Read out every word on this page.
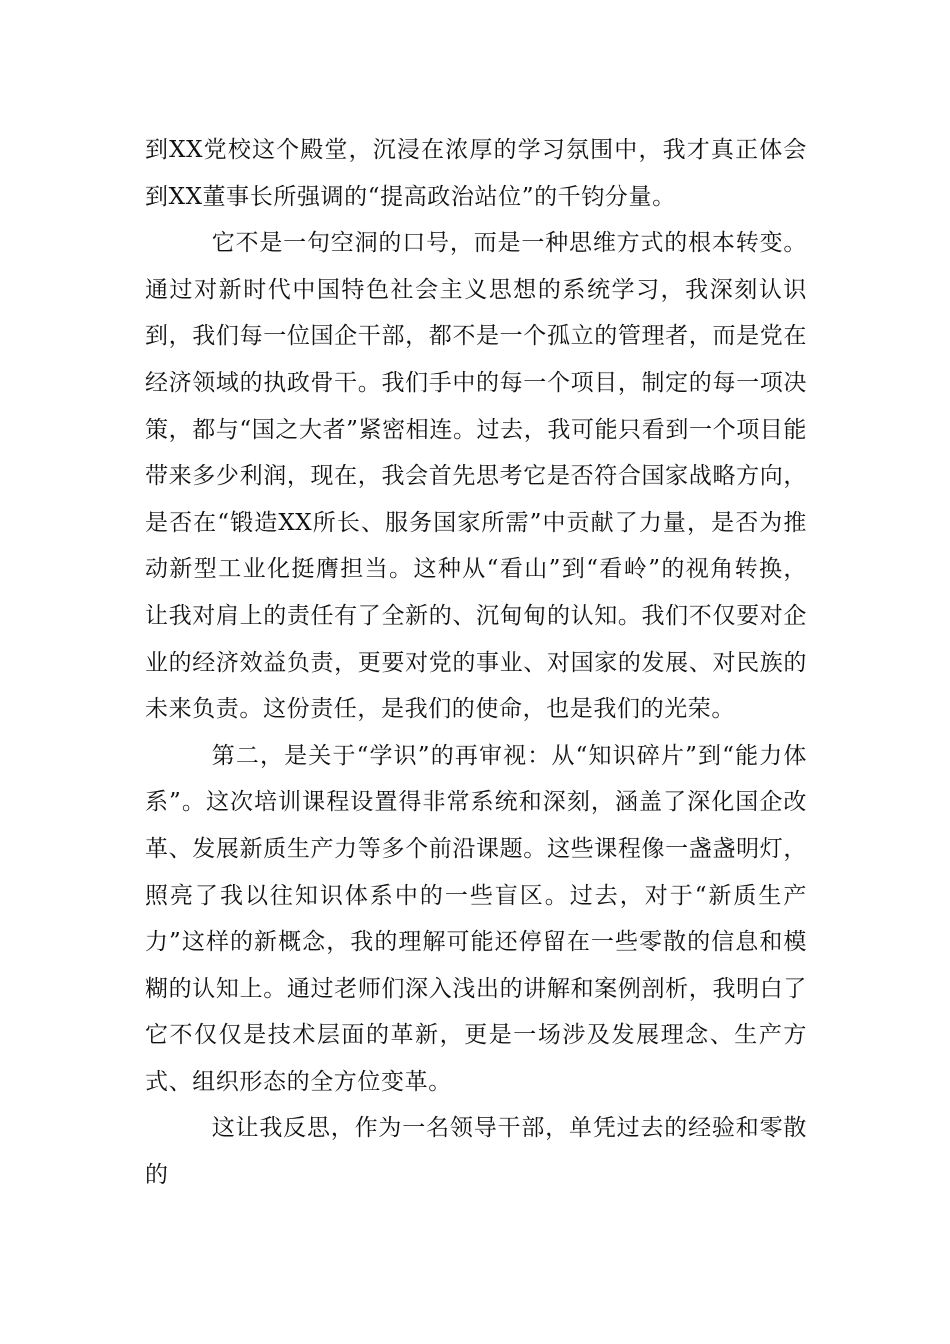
到XX党校这个殿堂，沉浸在浓厚的学习氛围中，我才真正体会到XX董事长所强调的“提高政治站位”的千钧分量。

它不是一句空洞的口号，而是一种思维方式的根本转变。通过对新时代中国特色社会主义思想的系统学习，我深刻认识到，我们每一位国企干部，都不是一个孤立的管理者，而是党在经济领域的执政骨干。我们手中的每一个项目，制定的每一项决策，都与“国之大者”紧密相连。过去，我可能只看到一个项目能带来多少利润，现在，我会首先思考它是否符合国家战略方向，是否在“锻造XX所长、服务国家所需”中贡献了力量，是否为推动新型工业化挺膺担当。这种从“看山”到“看岭”的视角转换，让我对肩上的责任有了全新的、沉甸甸的认知。我们不仅要对企业的经济效益负责，更要对党的事业、对国家的发展、对民族的未来负责。这份责任，是我们的使命，也是我们的光荣。

第二，是关于“学识”的再审视：从“知识碎片”到“能力体系”。这次培训课程设置得非常系统和深刻，涵盖了深化国企改革、发展新质生产力等多个前沿课题。这些课程像一盏盏明灯，照亮了我以往知识体系中的一些盲区。过去，对于“新质生产力”这样的新概念，我的理解可能还停留在一些零散的信息和模糊的认知上。通过老师们深入浅出的讲解和案例剖析，我明白了它不仅仅是技术层面的革新，更是一场涉及发展理念、生产方式、组织形态的全方位变革。

这让我反思，作为一名领导干部，单凭过去的经验和零散的
